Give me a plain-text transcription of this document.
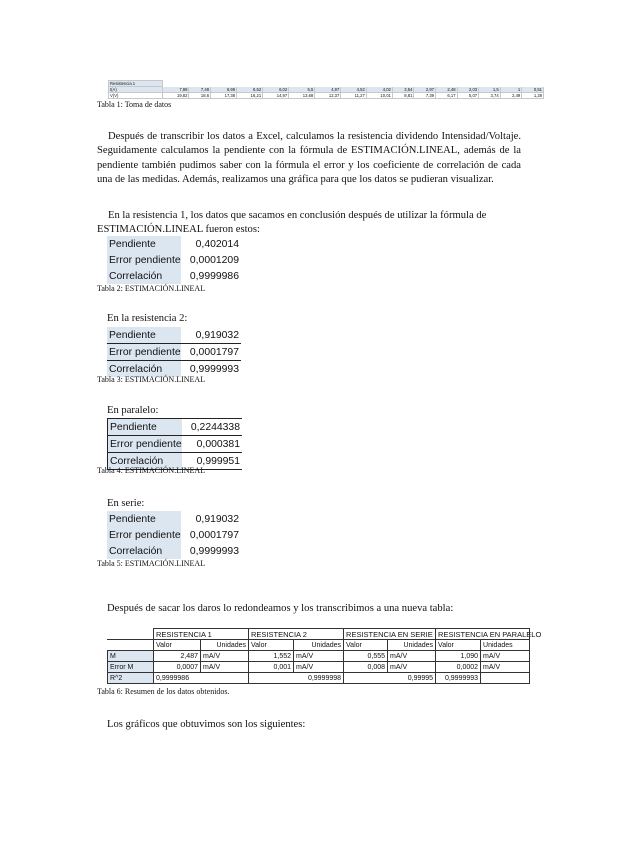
Resistencia 1																
I(A)	7,98	7,48	6,99	6,52	6,02	5,5	4,97	4,52	4,02	3,54	2,97	2,48	2,03	1,5	1	0,51
V(V)	19,82	18,6	17,38	16,21	14,97	13,68	12,37	11,27	10,01	8,81	7,39	6,17	5,07	3,74	2,49	1,28
Tabla 1: Toma de datos
Después de transcribir los datos a Excel, calculamos la resistencia dividendo Intensidad/Voltaje. Seguidamente calculamos la pendiente con la fórmula de ESTIMACIÓN.LINEAL, además de la pendiente también pudimos saber con la fórmula el error y los coeficiente de correlación de cada una de las medidas. Además, realizamos una gráfica para que los datos se pudieran visualizar.
En la resistencia 1, los datos que sacamos en conclusión después de utilizar la fórmula de ESTIMACIÓN.LINEAL fueron estos:
Pendiente	0,402014
Error pendiente	0,0001209
Correlación	0,9999986
Tabla 2: ESTIMACIÓN.LINEAL
En la resistencia 2:
Pendiente	0,919032
Error pendiente	0,0001797
Correlación	0,9999993
Tabla 3: ESTIMACIÓN.LINEAL
En paralelo:
Pendiente	0,2244338
Error pendiente	0,000381
Correlación	0,999951
Tabla 4: ESTIMACIÓN.LINEAL
En serie:
Pendiente	0,919032
Error pendiente	0,0001797
Correlación	0,9999993
Tabla 5: ESTIMACIÓN.LINEAL
Después de sacar los daros lo redondeamos y los transcribimos a una nueva tabla:
	RESISTENCIA 1		RESISTENCIA 2		RESISTENCIA EN SERIE		RESISTENCIA EN PARALELO	
	Valor	Unidades	Valor	Unidades	Valor	Unidades	Valor	Unidades
M	2,487	mA/V	1,552	mA/V	0,555	mA/V	1,090	mA/V
Error M	0,0007	mA/V	0,001	mA/V	0,008	mA/V	0,0002	mA/V
R^2	0,9999986		0,9999998		0,99995		0,9999993	
Tabla 6: Resumen de los datos obtenidos.
Los gráficos que obtuvimos son los siguientes:
